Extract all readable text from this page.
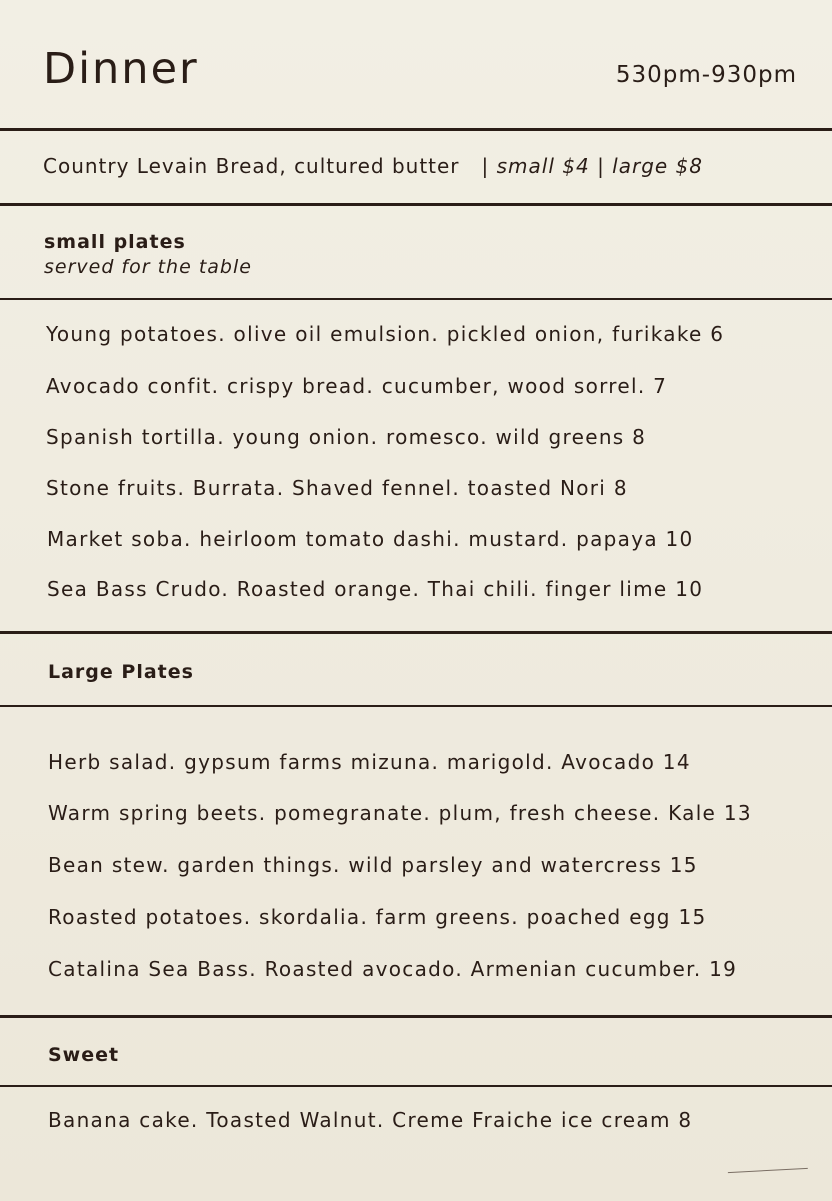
Dinner	530pm-930pm
Country Levain Bread, cultured butter | small $4 | large $8
small plates
served for the table
Young potatoes. olive oil emulsion. pickled onion, furikake 6
Avocado confit. crispy bread. cucumber, wood sorrel. 7
Spanish tortilla. young onion. romesco. wild greens 8
Stone fruits. Burrata. Shaved fennel. toasted Nori 8
Market soba. heirloom tomato dashi. mustard. papaya 10
Sea Bass Crudo. Roasted orange. Thai chili. finger lime 10
Large Plates
Herb salad. gypsum farms mizuna. marigold. Avocado 14
Warm spring beets. pomegranate. plum, fresh cheese. Kale 13
Bean stew. garden things. wild parsley and watercress 15
Roasted potatoes. skordalia. farm greens. poached egg 15
Catalina Sea Bass. Roasted avocado. Armenian cucumber. 19
Sweet
Banana cake. Toasted Walnut. Creme Fraiche ice cream 8
